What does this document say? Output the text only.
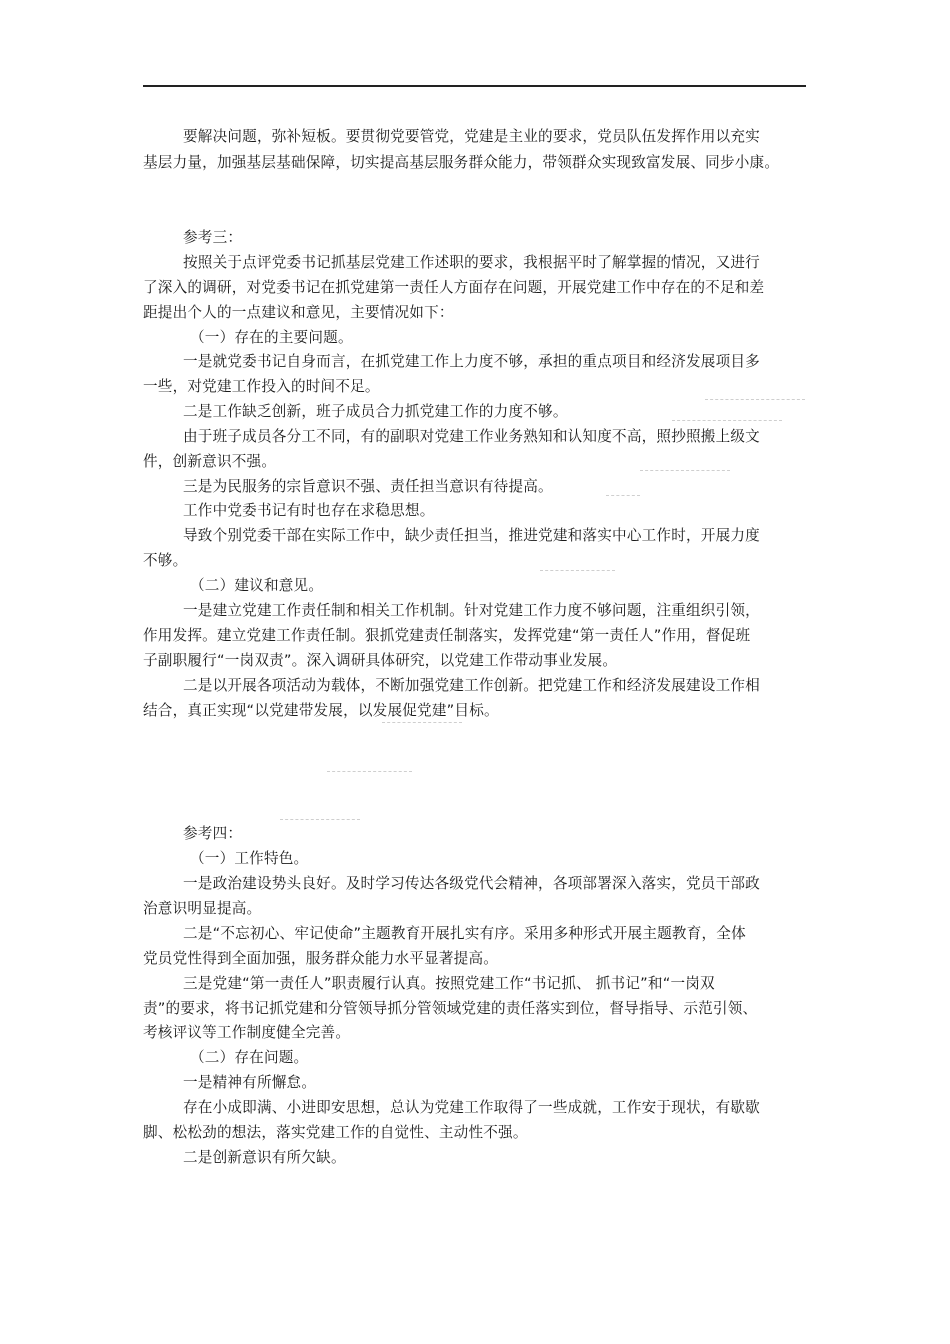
要解决问题，弥补短板。要贯彻党要管党，党建是主业的要求，党员队伍发挥作用以充实
基层力量，加强基层基础保障，切实提高基层服务群众能力，带领群众实现致富发展、同步小康。
参考三：
按照关于点评党委书记抓基层党建工作述职的要求，我根据平时了解掌握的情况，又进行
了深入的调研，对党委书记在抓党建第一责任人方面存在问题，开展党建工作中存在的不足和差
距提出个人的一点建议和意见，主要情况如下：
（一）存在的主要问题。
一是就党委书记自身而言，在抓党建工作上力度不够，承担的重点项目和经济发展项目多
一些，对党建工作投入的时间不足。
二是工作缺乏创新，班子成员合力抓党建工作的力度不够。
由于班子成员各分工不同，有的副职对党建工作业务熟知和认知度不高，照抄照搬上级文
件，创新意识不强。
三是为民服务的宗旨意识不强、责任担当意识有待提高。
工作中党委书记有时也存在求稳思想。
导致个别党委干部在实际工作中，缺少责任担当，推进党建和落实中心工作时，开展力度
不够。
（二）建议和意见。
一是建立党建工作责任制和相关工作机制。针对党建工作力度不够问题，注重组织引领，
作用发挥。建立党建工作责任制。狠抓党建责任制落实，发挥党建“第一责任人”作用，督促班
子副职履行“一岗双责”。深入调研具体研究，以党建工作带动事业发展。
二是以开展各项活动为载体，不断加强党建工作创新。把党建工作和经济发展建设工作相
结合，真正实现“以党建带发展，以发展促党建”目标。
参考四：
（一）工作特色。
一是政治建设势头良好。及时学习传达各级党代会精神，各项部署深入落实，党员干部政
治意识明显提高。
二是“不忘初心、牢记使命”主题教育开展扎实有序。采用多种形式开展主题教育，全体
党员党性得到全面加强，服务群众能力水平显著提高。
三是党建“第一责任人”职责履行认真。按照党建工作“书记抓、 抓书记”和“一岗双
责”的要求，将书记抓党建和分管领导抓分管领域党建的责任落实到位，督导指导、示范引领、
考核评议等工作制度健全完善。
（二）存在问题。
一是精神有所懈怠。
存在小成即满、小进即安思想，总认为党建工作取得了一些成就，工作安于现状，有歇歇
脚、松松劲的想法，落实党建工作的自觉性、主动性不强。
二是创新意识有所欠缺。
